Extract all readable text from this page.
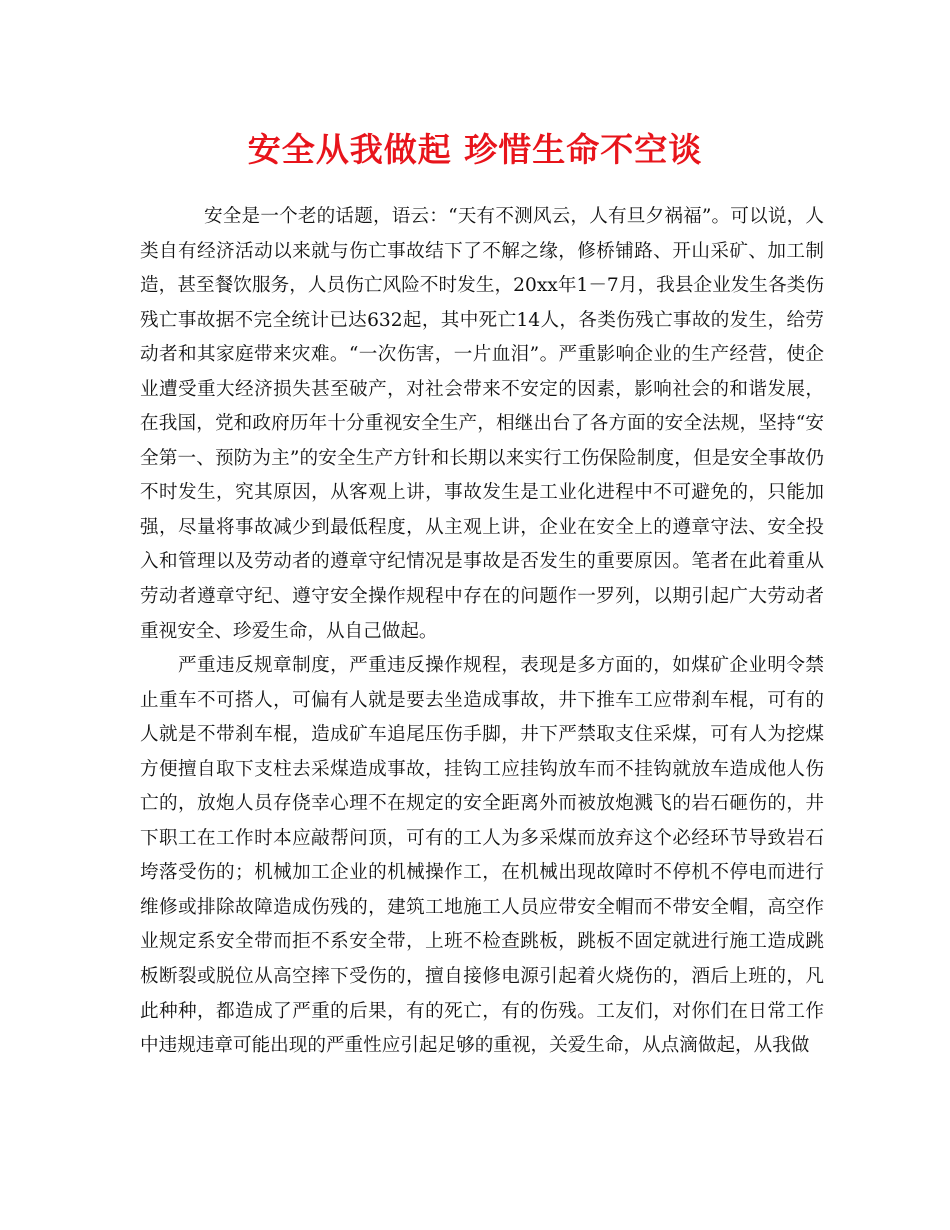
安全从我做起 珍惜生命不空谈

安全是一个老的话题，语云：“天有不测风云，人有旦夕祸福”。可以说，人类自有经济活动以来就与伤亡事故结下了不解之缘，修桥铺路、开山采矿、加工制造，甚至餐饮服务，人员伤亡风险不时发生，20xx年1－7月，我县企业发生各类伤残亡事故据不完全统计已达632起，其中死亡14人，各类伤残亡事故的发生，给劳动者和其家庭带来灾难。“一次伤害，一片血泪”。严重影响企业的生产经营，使企业遭受重大经济损失甚至破产，对社会带来不安定的因素，影响社会的和谐发展，在我国，党和政府历年十分重视安全生产，相继出台了各方面的安全法规，坚持“安全第一、预防为主”的安全生产方针和长期以来实行工伤保险制度，但是安全事故仍不时发生，究其原因，从客观上讲，事故发生是工业化进程中不可避免的，只能加强，尽量将事故减少到最低程度，从主观上讲，企业在安全上的遵章守法、安全投入和管理以及劳动者的遵章守纪情况是事故是否发生的重要原因。笔者在此着重从劳动者遵章守纪、遵守安全操作规程中存在的问题作一罗列，以期引起广大劳动者重视安全、珍爱生命，从自己做起。

严重违反规章制度，严重违反操作规程，表现是多方面的，如煤矿企业明令禁止重车不可搭人，可偏有人就是要去坐造成事故，井下推车工应带刹车棍，可有的人就是不带刹车棍，造成矿车追尾压伤手脚，井下严禁取支住采煤，可有人为挖煤方便擅自取下支柱去采煤造成事故，挂钩工应挂钩放车而不挂钩就放车造成他人伤亡的，放炮人员存侥幸心理不在规定的安全距离外而被放炮溅飞的岩石砸伤的，井下职工在工作时本应敲帮问顶，可有的工人为多采煤而放弃这个必经环节导致岩石垮落受伤的；机械加工企业的机械操作工，在机械出现故障时不停机不停电而进行维修或排除故障造成伤残的，建筑工地施工人员应带安全帽而不带安全帽，高空作业规定系安全带而拒不系安全带，上班不检查跳板，跳板不固定就进行施工造成跳板断裂或脱位从高空摔下受伤的，擅自接修电源引起着火烧伤的，酒后上班的，凡此种种，都造成了严重的后果，有的死亡，有的伤残。工友们，对你们在日常工作中违规违章可能出现的严重性应引起足够的重视，关爱生命，从点滴做起，从我做
